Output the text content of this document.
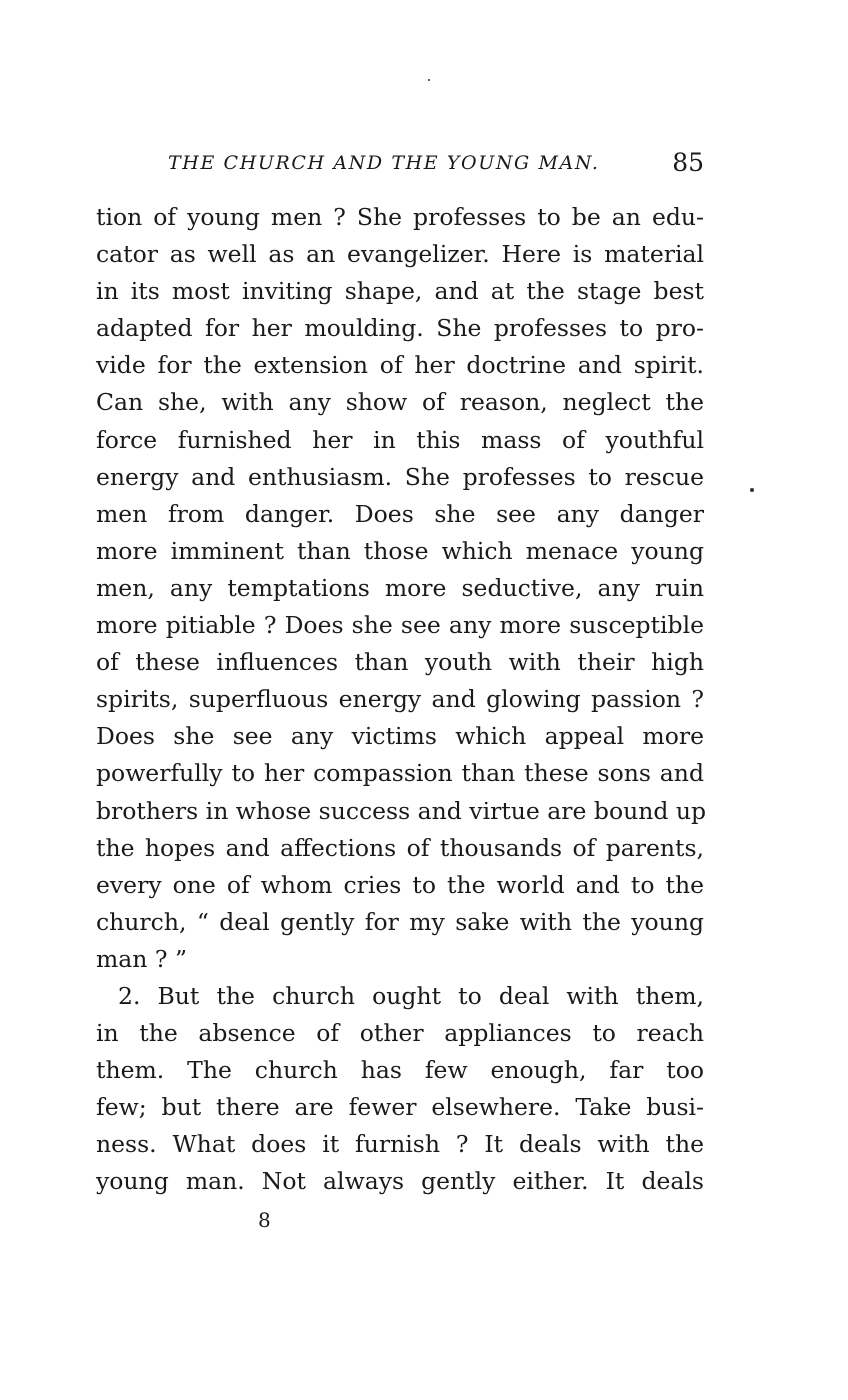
THE CHURCH AND THE YOUNG MAN.	85
tion of young men ? She professes to be an edu-
cator as well as an evangelizer. Here is material
in its most inviting shape, and at the stage best
adapted for her moulding. She professes to pro-
vide for the extension of her doctrine and spirit.
Can she, with any show of reason, neglect the
force furnished her in this mass of youthful
energy and enthusiasm. She professes to rescue
men from danger. Does she see any danger
more imminent than those which menace young
men, any temptations more seductive, any ruin
more pitiable ? Does she see any more susceptible
of these influences than youth with their high
spirits, superfluous energy and glowing passion ?
Does she see any victims which appeal more
powerfully to her compassion than these sons and
brothers in whose success and virtue are bound up
the hopes and affections of thousands of parents,
every one of whom cries to the world and to the
church, “ deal gently for my sake with the young
man ? ”
2. But the church ought to deal with them,
in the absence of other appliances to reach
them. The church has few enough, far too
few; but there are fewer elsewhere. Take busi-
ness. What does it furnish ? It deals with the
young man. Not always gently either. It deals
8
